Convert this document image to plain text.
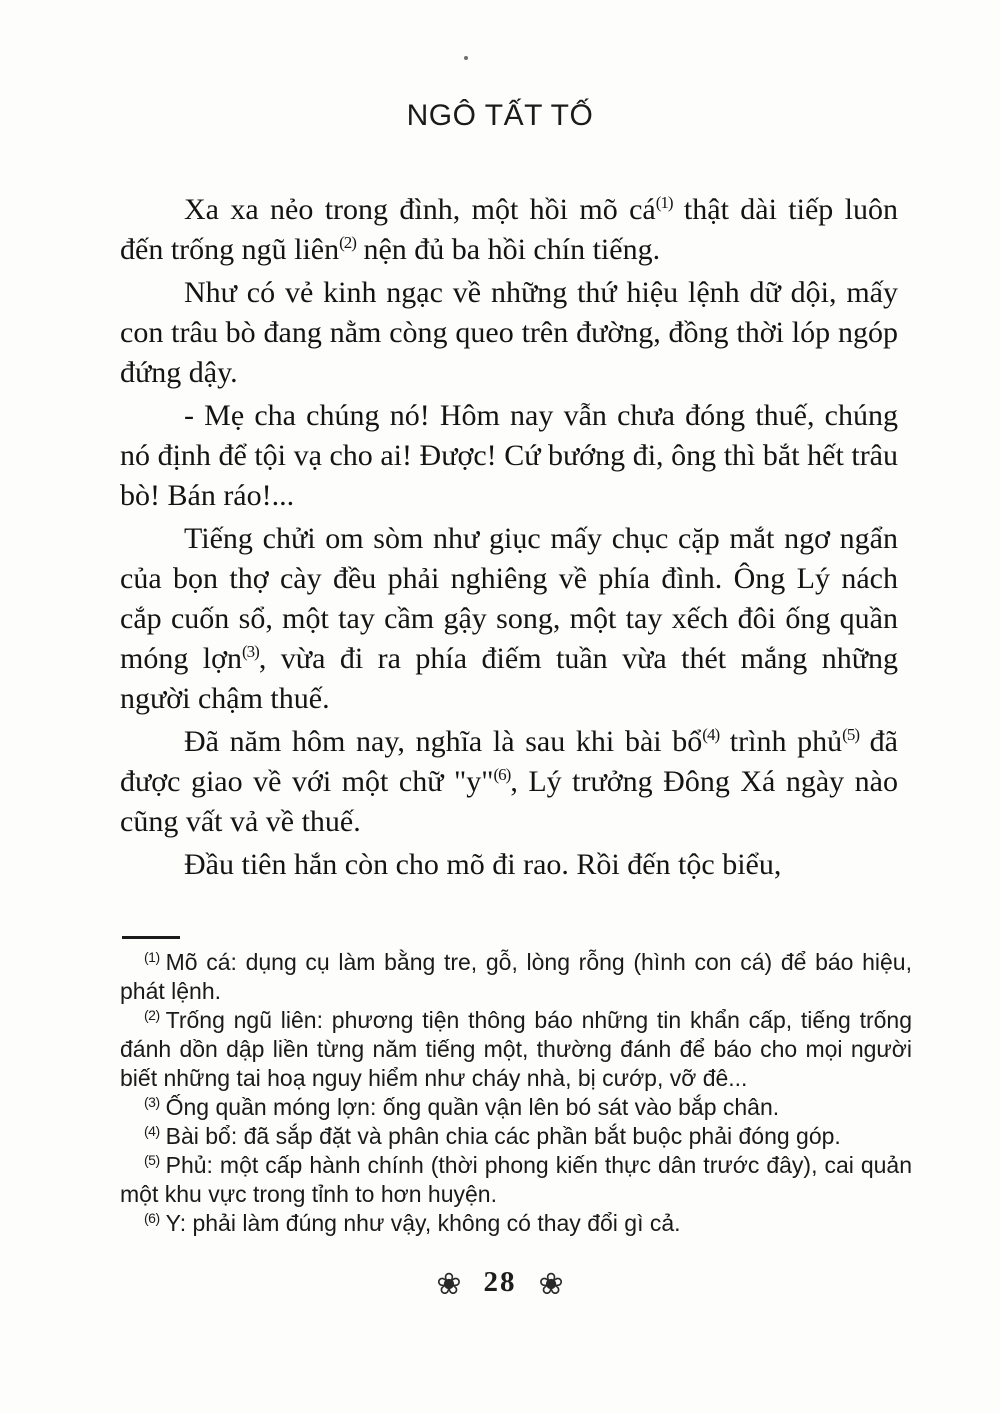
NGÔ TẤT TỐ

Xa xa nẻo trong đình, một hồi mõ $cá^{(1)}$ thật dài tiếp luôn đến trống ngũ liên$^{(2)}$ nện đủ ba hồi chín tiếng.

Như có vẻ kinh ngạc về những thứ hiệu lệnh dữ dội, mấy con trâu bò đang nằm còng queo trên đường, đồng thời lóp ngóp đứng dậy.

- Mẹ cha chúng nó! Hôm nay vẫn chưa đóng thuế, chúng nó định để tội vạ cho ai! Được! Cứ bướng đi, ông thì bắt hết trâu bò! Bán ráo!...

Tiếng chửi om sòm như giục mấy chục cặp mắt ngơ ngẩn của bọn thợ cày đều phải nghiêng về phía đình. Ông Lý nách cắp cuốn sổ, một tay cầm gậy song, một tay xếch đôi ống quần móng lợn$^{(3)}$, vừa đi ra phía điếm tuần vừa thét mắng những người chậm thuế.

Đã năm hôm nay, nghĩa là sau khi bài bổ$^{(4)}$ trình phủ$^{(5)}$ đã được giao về với một chữ "y"$^{(6)}$, Lý trưởng Đông Xá ngày nào cũng vất vả về thuế.

Đầu tiên hắn còn cho mõ đi rao. Rồi đến tộc biểu,

$^{(1)}$ Mõ cá: dụng cụ làm bằng tre, gỗ, lòng rỗng (hình con cá) để báo hiệu, phát lệnh.

$^{(2)}$ Trống ngũ liên: phương tiện thông báo những tin khẩn cấp, tiếng trống đánh dồn dập liền từng năm tiếng một, thường đánh để báo cho mọi người biết những tai hoạ nguy hiểm như cháy nhà, bị cướp, vỡ đê...

$^{(3)}$ Ống quần móng lợn: ống quần vận lên bó sát vào bắp chân.

$^{(4)}$ Bài bổ: đã sắp đặt và phân chia các phần bắt buộc phải đóng góp.

$^{(5)}$ Phủ: một cấp hành chính (thời phong kiến thực dân trước đây), cai quản một khu vực trong tỉnh to hơn huyện.

$^{(6)}$ Y: phải làm đúng như vậy, không có thay đổi gì cả.

❀ 28 ❀
